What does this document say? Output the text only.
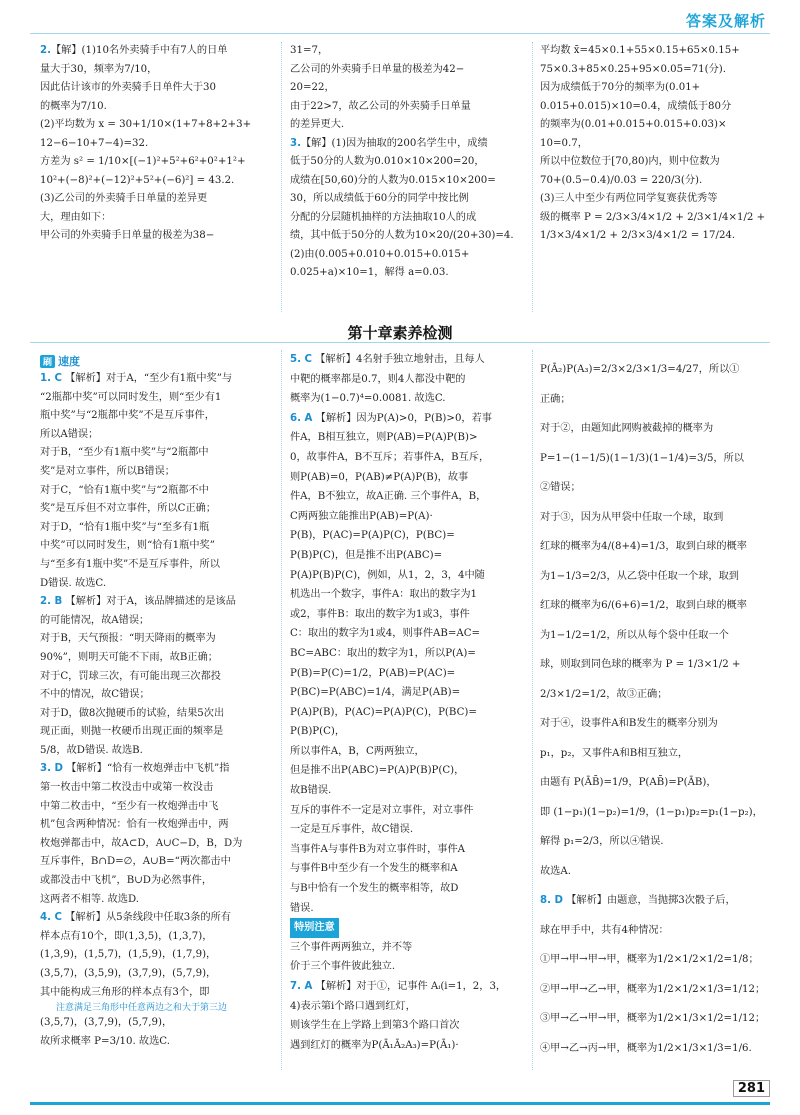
答案及解析

2.【解】(1)10名外卖骑手中有7人的日单

量大于30，频率为7/10，

因此估计该市的外卖骑手日单件大于30

的概率为7/10.

(2)平均数为 x = 30+1/10×(1+7+8+2+3+

12−6−10+7−4)=32.

方差为 s² = 1/10×[(−1)²+5²+6²+0²+1²+

10²+(−8)²+(−12)²+5²+(−6)²] = 43.2.

(3)乙公司的外卖骑手日单量的差异更

大，理由如下：

甲公司的外卖骑手日单量的极差为38−

31=7，

乙公司的外卖骑手日单量的极差为42−

20=22，

由于22>7，故乙公司的外卖骑手日单量

的差异更大.

3.【解】(1)因为抽取的200名学生中，成绩

低于50分的人数为0.010×10×200=20，

成绩在[50,60)分的人数为0.015×10×200=

30，所以成绩低于60分的同学中按比例

分配的分层随机抽样的方法抽取10人的成

绩，其中低于50分的人数为10×20/(20+30)=4.

(2)由(0.005+0.010+0.015+0.015+

0.025+a)×10=1，解得 a=0.03.

平均数 x̄=45×0.1+55×0.15+65×0.15+

75×0.3+85×0.25+95×0.05=71(分).

因为成绩低于70分的频率为(0.01+

0.015+0.015)×10=0.4，成绩低于80分

的频率为(0.01+0.015+0.015+0.03)×

10=0.7，

所以中位数位于[70,80)内，则中位数为

70+(0.5−0.4)/0.03 = 220/3(分).

(3)三人中至少有两位同学复赛获优秀等

级的概率 P = 2/3×3/4×1/2 + 2/3×1/4×1/2 +

1/3×3/4×1/2 + 2/3×3/4×1/2 = 17/24.

第十章素养检测
刷 速度

1. C 【解析】对于A，“至少有1瓶中奖”与

“2瓶都中奖”可以同时发生，则“至少有1

瓶中奖”与“2瓶都中奖”不是互斥事件，

所以A错误；

对于B，“至少有1瓶中奖”与“2瓶都中

奖”是对立事件，所以B错误；

对于C，“恰有1瓶中奖”与“2瓶都不中

奖”是互斥但不对立事件，所以C正确；

对于D，“恰有1瓶中奖”与“至多有1瓶

中奖”可以同时发生，则“恰有1瓶中奖”

与“至多有1瓶中奖”不是互斥事件，所以

D错误. 故选C.

2. B 【解析】对于A，该品牌描述的是该品

的可能情况，故A错误；

对于B，天气预报：“明天降雨的概率为

90%”，则明天可能不下雨，故B正确；

对于C，罚球三次，有可能出现三次都投

不中的情况，故C错误；

对于D，做8次抛硬币的试验，结果5次出

现正面，则抛一枚硬币出现正面的频率是

5/8，故D错误. 故选B.

3. D 【解析】“恰有一枚炮弹击中飞机”指

第一枚击中第二枚没击中或第一枚没击

中第二枚击中，“至少有一枚炮弹击中飞

机”包含两种情况：恰有一枚炮弹击中，两

枚炮弹都击中，故A⊂D，A∪C−D，B，D为

互斥事件，B∩D=∅，A∪B=“两次都击中

或都没击中飞机”，B∪D为必然事件，

这两者不相等. 故选D.

4. C 【解析】从5条线段中任取3条的所有

样本点有10个，即(1,3,5)，(1,3,7)，

(1,3,9)，(1,5,7)，(1,5,9)，(1,7,9)，

(3,5,7)，(3,5,9)，(3,7,9)，(5,7,9)，

其中能构成三角形的样本点有3个，即

注意满足三角形中任意两边之和大于第三边

(3,5,7)，(3,7,9)，(5,7,9)，

故所求概率 P=3/10. 故选C.

5. C 【解析】4名射手独立地射击，且每人

中靶的概率都是0.7，则4人都没中靶的

概率为(1−0.7)⁴=0.0081. 故选C.

6. A 【解析】因为P(A)>0，P(B)>0，若事

件A，B相互独立，则P(AB)=P(A)P(B)>

0，故事件A，B不互斥；若事件A，B互斥，

则P(AB)=0，P(AB)≠P(A)P(B)，故事

件A，B不独立，故A正确. 三个事件A，B，

C两两独立能推出P(AB)=P(A)·

P(B)，P(AC)=P(A)P(C)，P(BC)=

P(B)P(C)，但是推不出P(ABC)=

P(A)P(B)P(C)，例如，从1，2，3，4中随

机选出一个数字，事件A：取出的数字为1

或2，事件B：取出的数字为1或3，事件

C：取出的数字为1或4，则事件AB=AC=

BC=ABC：取出的数字为1，所以P(A)=

P(B)=P(C)=1/2，P(AB)=P(AC)=

P(BC)=P(ABC)=1/4，满足P(AB)=

P(A)P(B)，P(AC)=P(A)P(C)，P(BC)=

P(B)P(C)，

所以事件A，B，C两两独立，

但是推不出P(ABC)=P(A)P(B)P(C)，

故B错误.

互斥的事件不一定是对立事件，对立事件

一定是互斥事件，故C错误.

当事件A与事件B为对立事件时，事件A

与事件B中至少有一个发生的概率和A

与B中恰有一个发生的概率相等，故D

错误.

特别注意

三个事件两两独立，并不等

价于三个事件彼此独立.

7. A 【解析】对于①，记事件 Aᵢ(i=1，2，3，

4)表示第i个路口遇到红灯，

则该学生在上学路上到第3个路口首次

遇到红灯的概率为P(Ā₁Ā₂A₃)=P(Ā₁)·

P(Ā₂)P(A₃)=2/3×2/3×1/3=4/27，所以①

正确；

对于②，由题知此网购被截掉的概率为

P=1−(1−1/5)(1−1/3)(1−1/4)=3/5，所以

②错误；

对于③，因为从甲袋中任取一个球，取到

红球的概率为4/(8+4)=1/3，取到白球的概率

为1−1/3=2/3，从乙袋中任取一个球，取到

红球的概率为6/(6+6)=1/2，取到白球的概率

为1−1/2=1/2，所以从每个袋中任取一个

球，则取到同色球的概率为 P = 1/3×1/2 +

2/3×1/2=1/2，故③正确；

对于④，设事件A和B发生的概率分别为

p₁，p₂，又事件A和B相互独立，

由题有 P(ĀB̄)=1/9，P(AB̄)=P(ĀB)，

即 (1−p₁)(1−p₂)=1/9，(1−p₁)p₂=p₁(1−p₂)，

解得 p₁=2/3，所以④错误.

故选A.

8. D 【解析】由题意，当抛掷3次骰子后，

球在甲手中，共有4种情况：

①甲→甲→甲→甲，概率为1/2×1/2×1/2=1/8；

②甲→甲→乙→甲，概率为1/2×1/2×1/3=1/12；

③甲→乙→甲→甲，概率为1/2×1/3×1/2=1/12；

④甲→乙→丙→甲，概率为1/2×1/3×1/3=1/6.

281
